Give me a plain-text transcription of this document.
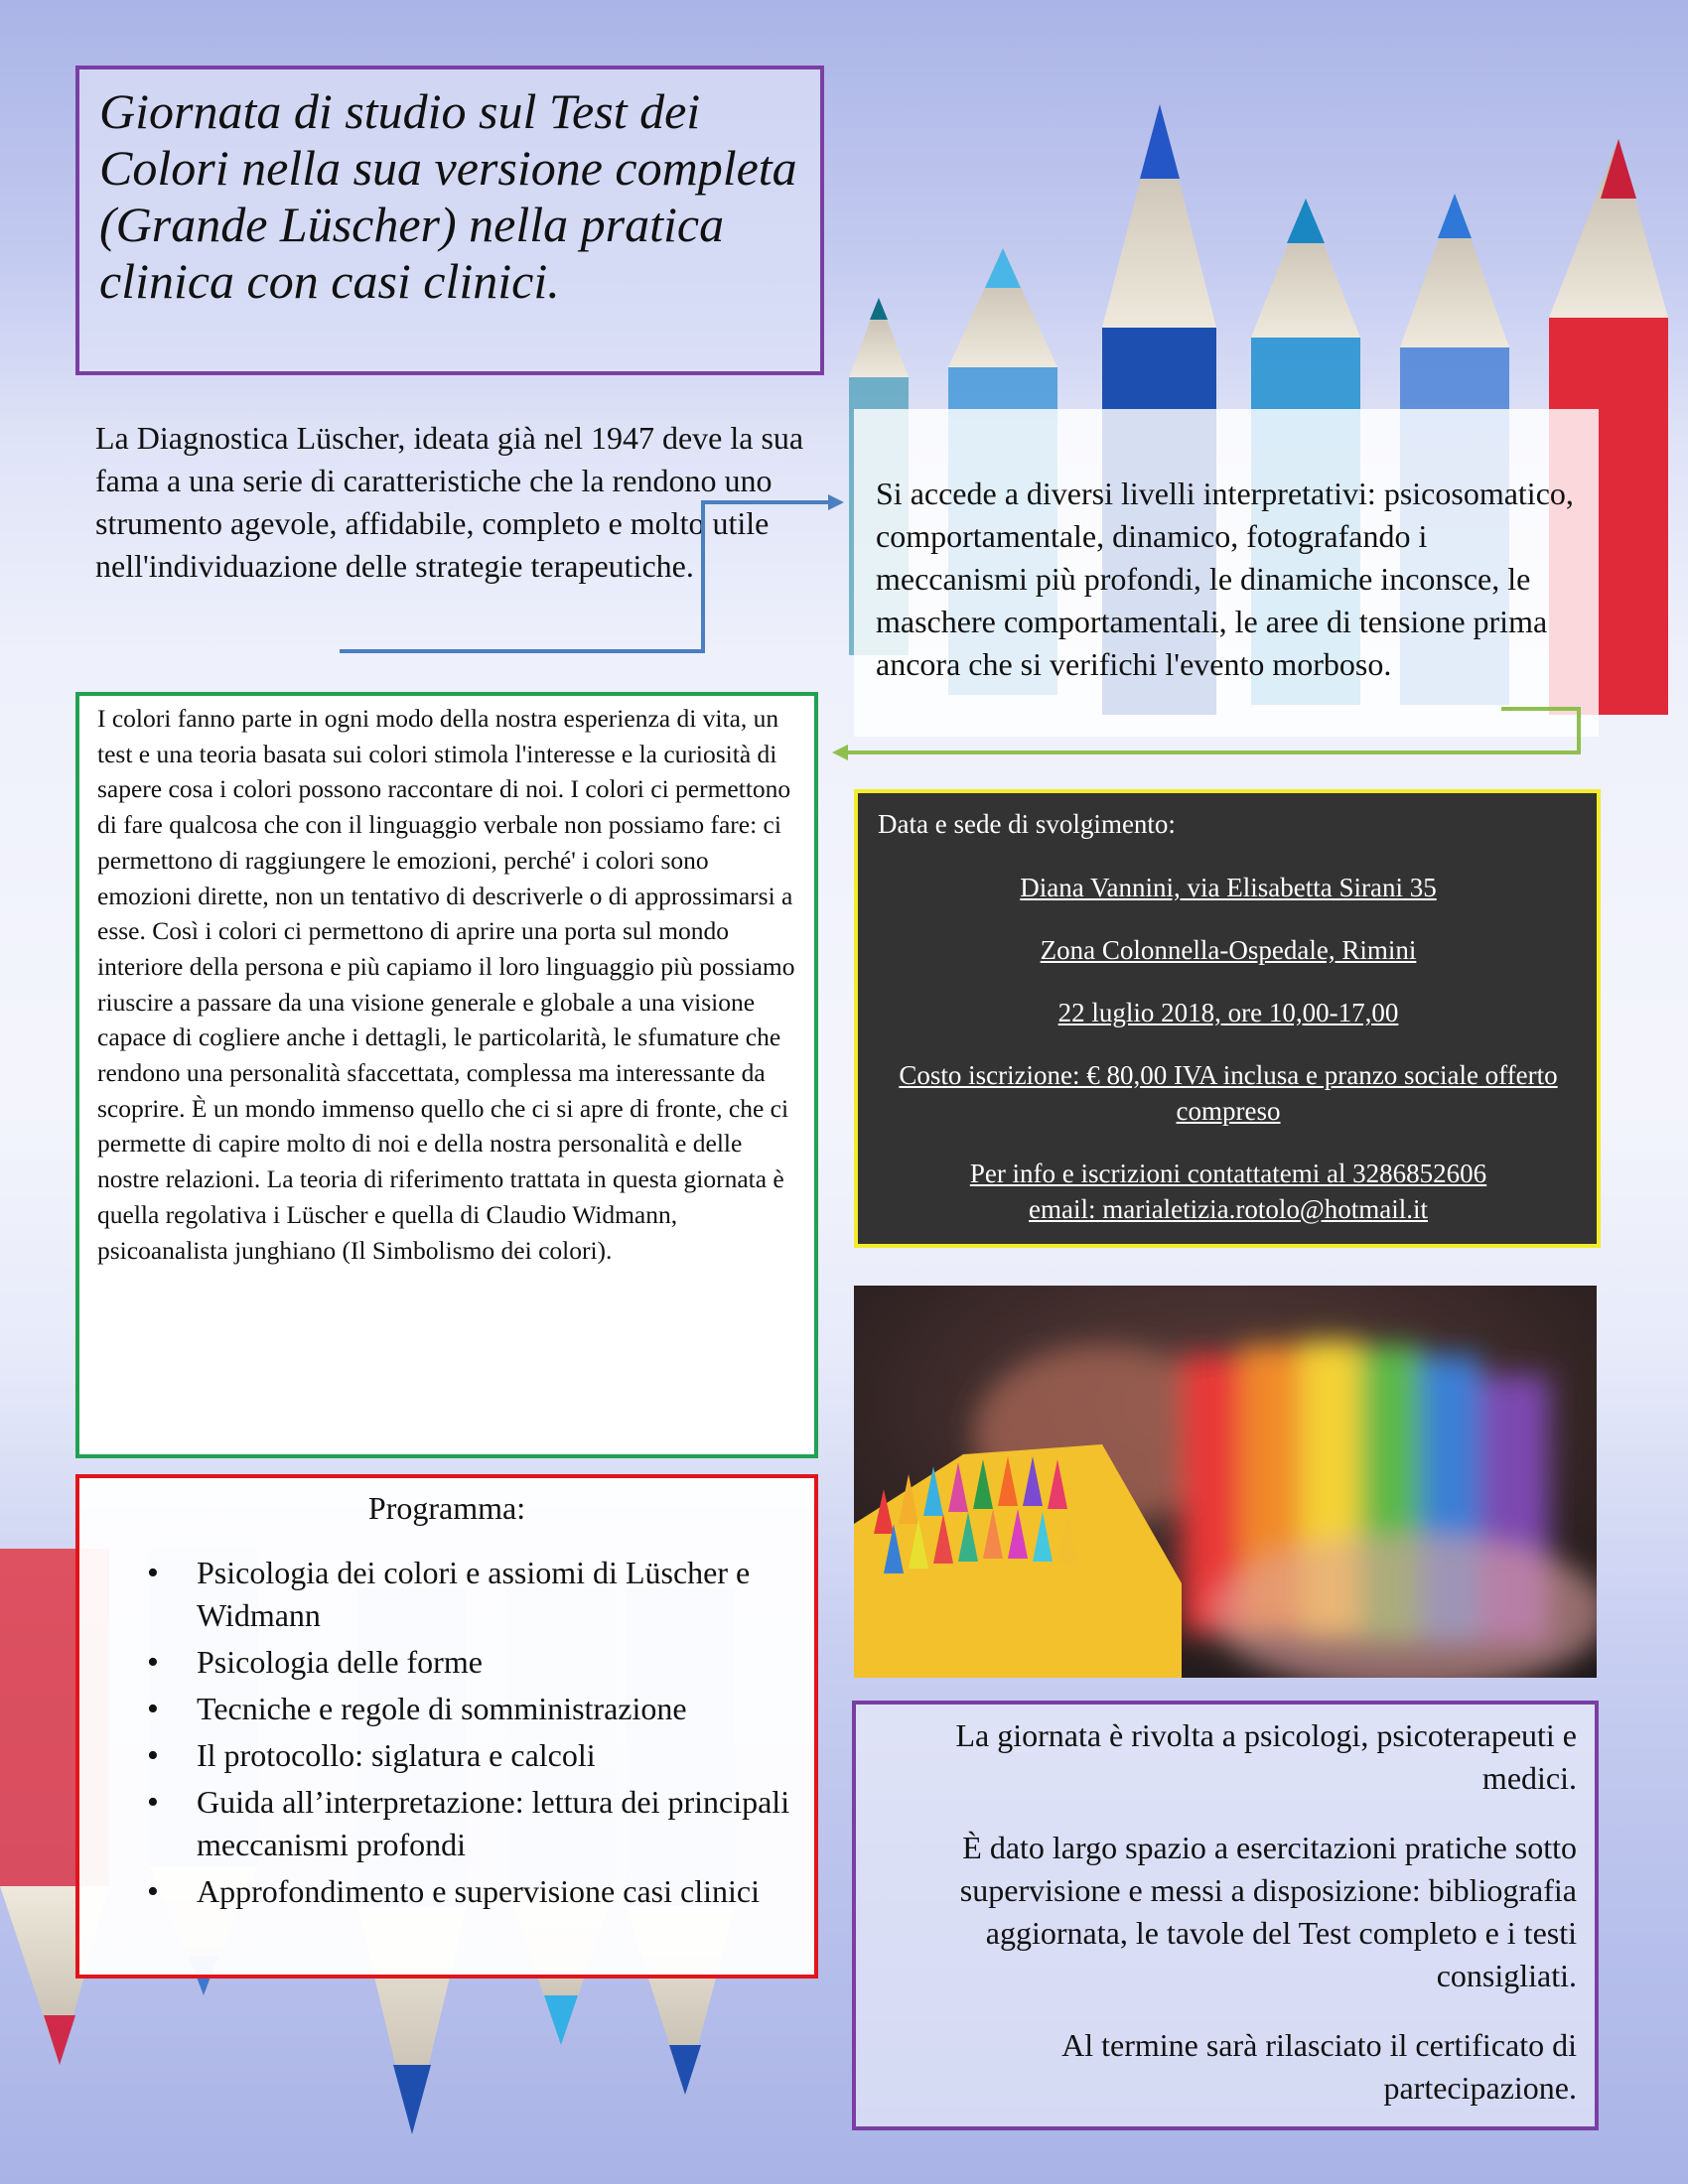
Giornata di studio sul Test dei Colori nella sua versione completa (Grande Lüscher) nella pratica clinica con casi clinici.
La Diagnostica Lüscher, ideata già nel 1947 deve la sua fama a una serie di caratteristiche che la rendono uno strumento agevole, affidabile, completo e molto utile nell'individuazione delle strategie terapeutiche.
Si accede a diversi livelli interpretativi: psicosomatico, comportamentale, dinamico, fotografando i meccanismi più profondi, le dinamiche inconsce, le maschere comportamentali, le aree di tensione prima ancora che si verifichi l'evento morboso.
I colori fanno parte in ogni modo della nostra esperienza di vita, un test e una teoria basata sui colori stimola l'interesse e la curiosità di sapere cosa i colori possono raccontare di noi. I colori ci permettono di fare qualcosa che con il linguaggio verbale non possiamo fare: ci permettono di raggiungere le emozioni, perché' i colori sono emozioni dirette, non un tentativo di descriverle o di approssimarsi a esse. Così i colori ci permettono di aprire una porta sul mondo interiore della persona e più capiamo il loro linguaggio più possiamo riuscire a passare da una visione generale e globale a una visione capace di cogliere anche i dettagli, le particolarità, le sfumature che rendono una personalità sfaccettata, complessa ma interessante da scoprire. È un mondo immenso quello che ci si apre di fronte, che ci permette di capire molto di noi e della nostra personalità e delle nostre relazioni. La teoria di riferimento trattata in questa giornata è quella regolativa i Lüscher e quella di Claudio Widmann, psicoanalista junghiano (Il Simbolismo dei colori).
Data e sede di svolgimento:
Diana Vannini, via Elisabetta Sirani 35
Zona Colonnella-Ospedale, Rimini
22 luglio 2018, ore 10,00-17,00
Costo iscrizione: € 80,00 IVA inclusa e pranzo sociale offerto compreso
Per info e iscrizioni contattatemi al 3286852606
email: marialetizia.rotolo@hotmail.it
Programma:
• Psicologia dei colori e assiomi di Lüscher e Widmann
• Psicologia delle forme
• Tecniche e regole di somministrazione
• Il protocollo: siglatura e calcoli
• Guida all’interpretazione: lettura dei principali meccanismi profondi
• Approfondimento e supervisione casi clinici

La giornata è rivolta a psicologi, psicoterapeuti e medici.

È dato largo spazio a esercitazioni pratiche sotto supervisione e messi a disposizione: bibliografia aggiornata, le tavole del Test completo e i testi consigliati.

Al termine sarà rilasciato il certificato di partecipazione.
